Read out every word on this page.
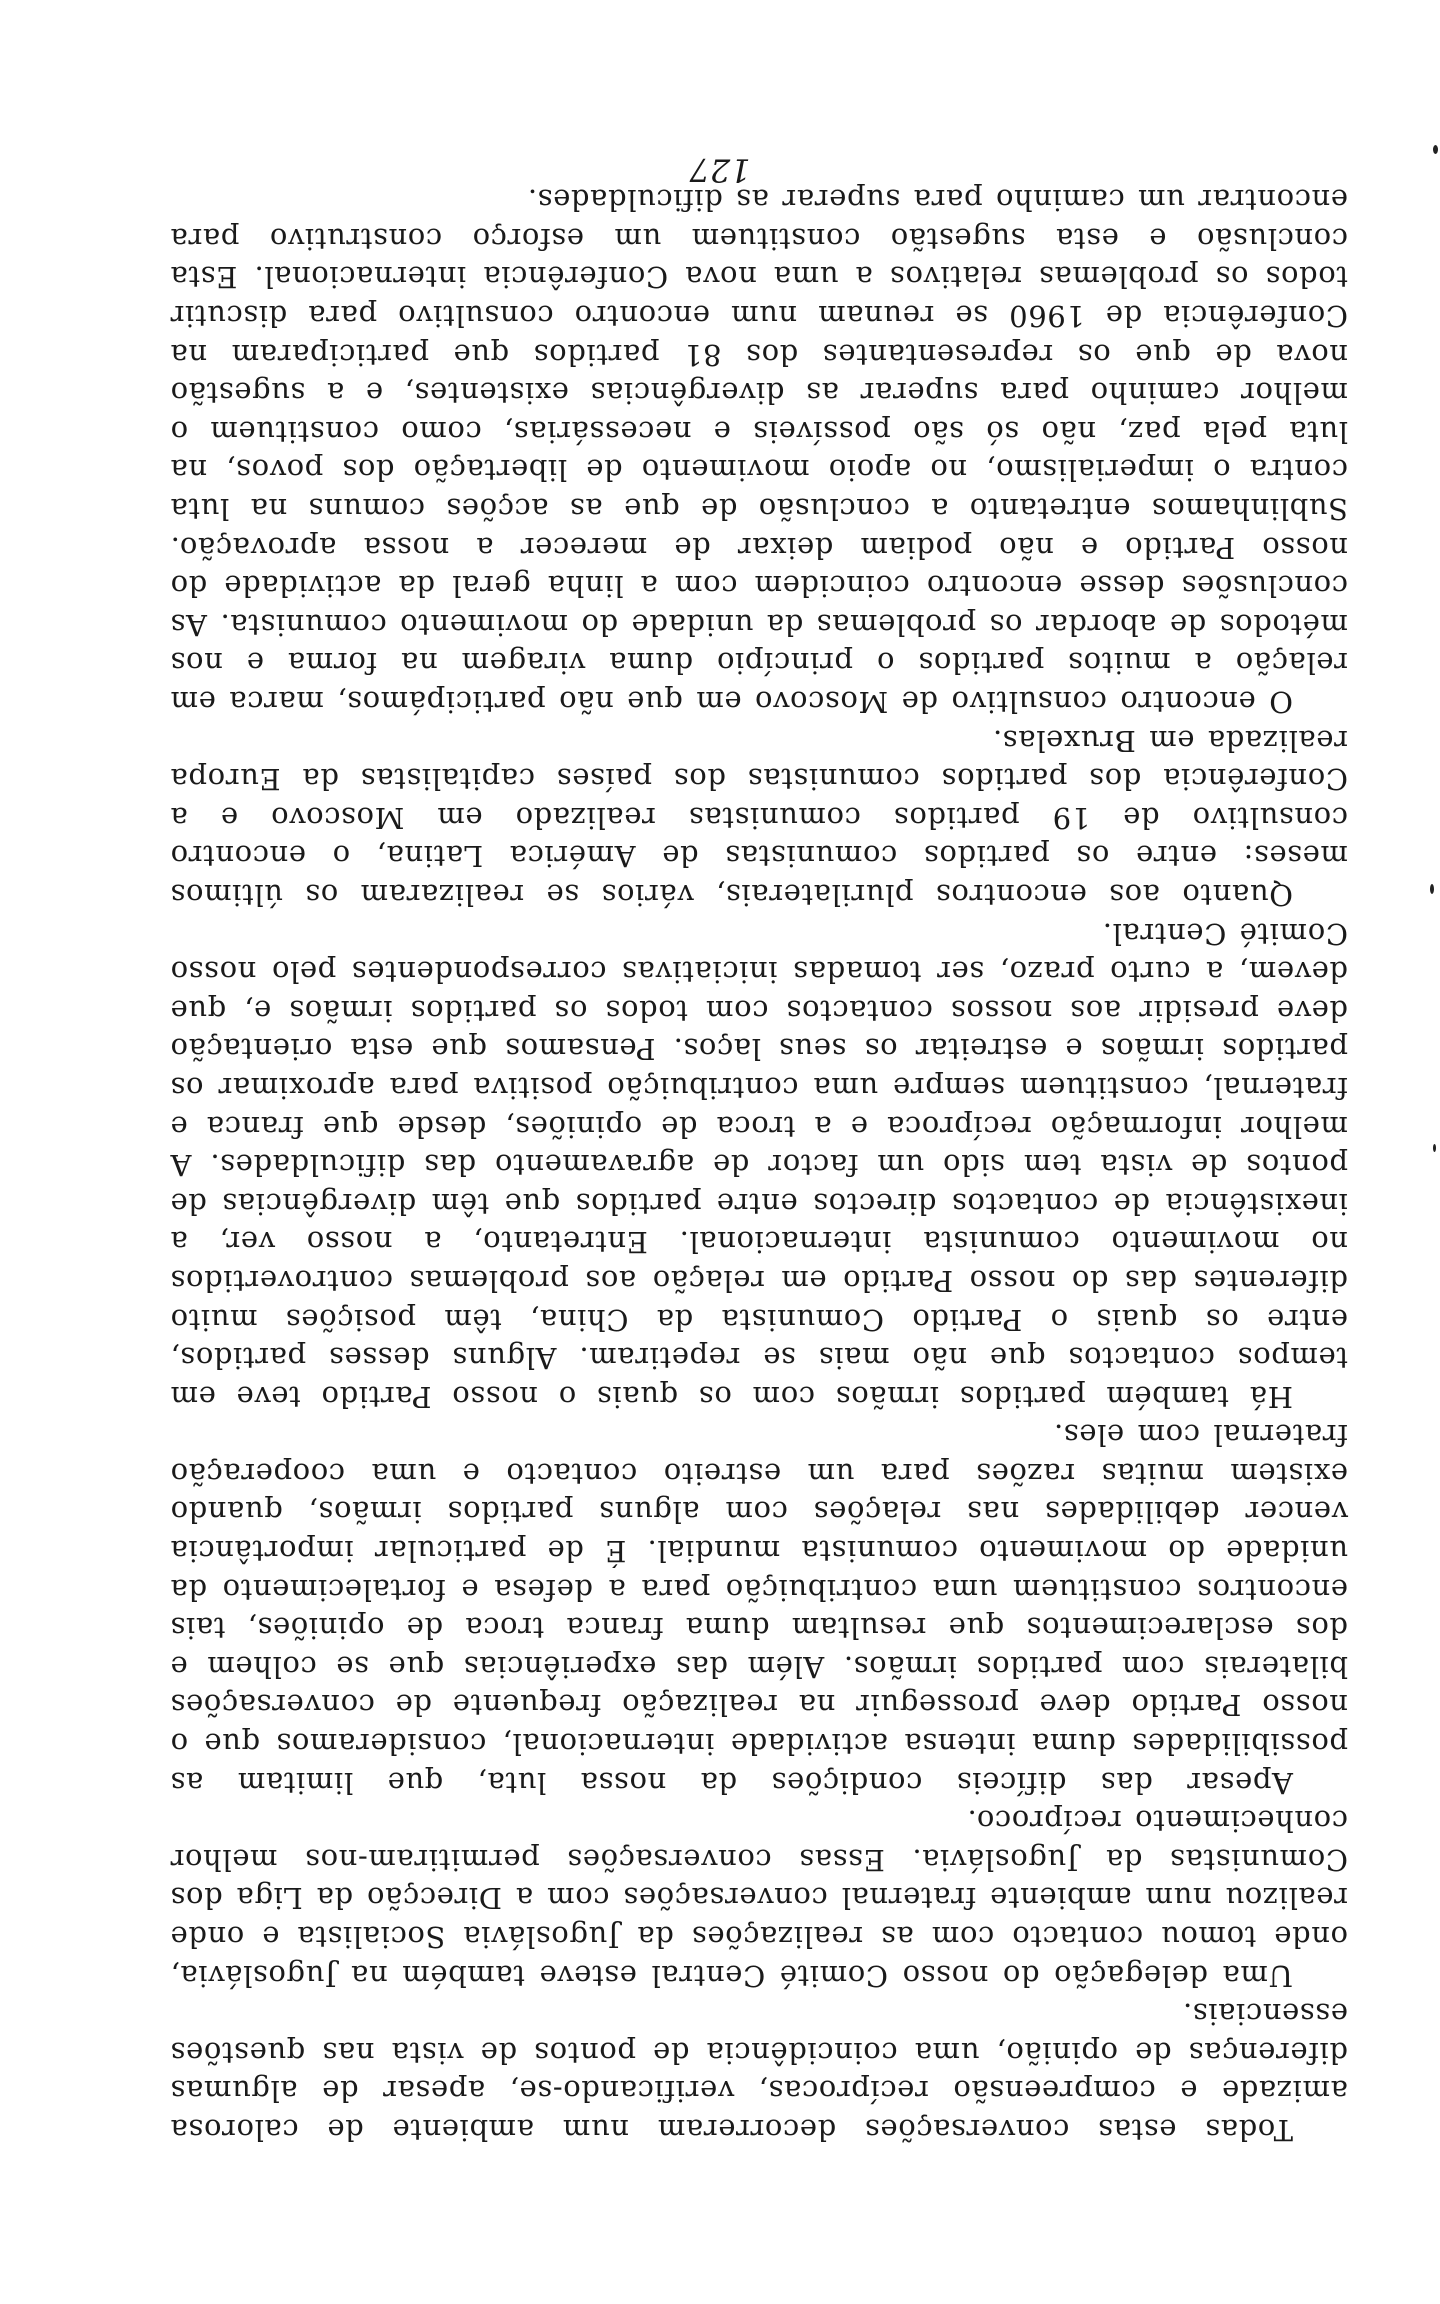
Todas estas conversações decorreram num ambiente de calorosa amizade e compreensão recíprocas, verificando-se, apesar de algumas diferenças de opinião, uma coincidência de pontos de vista nas questões essenciais.

Uma delegação do nosso Comité Central esteve também na Jugoslávia, onde tomou contacto com as realizações da Jugoslávia Socialista e onde realizou num ambiente fraternal conversações com a Direcção da Liga dos Comunistas da Jugoslávia. Essas conversações permitiram-nos melhor conhecimento recíproco.

Apesar das difíceis condições da nossa luta, que limitam as possibilidades duma intensa actividade internacional, consideramos que o nosso Partido deve prosseguir na realização frequente de conversações bilaterais com partidos irmãos. Além das experiências que se colhem e dos esclarecimentos que resultam duma franca troca de opiniões, tais encontros constituem uma contribuição para a defesa e fortalecimento da unidade do movimento comunista mundial. É de particular importância vencer debilidades nas relações com alguns partidos irmãos, quando existem muitas razões para um estreito contacto e uma cooperação fraternal com eles.

Há também partidos irmãos com os quais o nosso Partido teve em tempos contactos que não mais se repetiram. Alguns desses partidos, entre os quais o Partido Comunista da China, têm posições muito diferentes das do nosso Partido em relação aos problemas controvertidos no movimento comunista internacional. Entretanto, a nosso ver, a inexistência de contactos directos entre partidos que têm divergências de pontos de vista tem sido um factor de agravamento das dificuldades. A melhor informação recíproca e a troca de opiniões, desde que franca e fraternal, constituem sempre uma contribuição positiva para aproximar os partidos irmãos e estreitar os seus laços. Pensamos que esta orientação deve presidir aos nossos contactos com todos os partidos irmãos e, que devem, a curto prazo, ser tomadas iniciativas correspondentes pelo nosso Comité Central.

Quanto aos encontros plurilaterais, vários se realizaram os últimos meses: entre os partidos comunistas de América Latina, o encontro consultivo de 19 partidos comunistas realizado em Moscovo e a Conferência dos partidos comunistas dos países capitalistas da Europa realizada em Bruxelas.

O encontro consultivo de Moscovo em que não participámos, marca em relação a muitos partidos o princípio duma viragem na forma e nos métodos de abordar os problemas da unidade do movimento comunista. As conclusões desse encontro coincidem com a linha geral da actividade do nosso Partido e não podiam deixar de merecer a nossa aprovação. Sublinhamos entretanto a conclusão de que as acções comuns na luta contra o imperialismo, no apoio movimento de libertação dos povos, na luta pela paz, não só são possíveis e necessárias, como constituem o melhor caminho para superar as divergências existentes, e a sugestão nova de que os representantes dos 81 partidos que participaram na Conferência de 1960 se reunam num encontro consultivo para discutir todos os problemas relativos a uma nova Conferência internacional. Esta conclusão e esta sugestão constituem um esforço construtivo para encontrar um caminho para superar as dificuldades.

127
